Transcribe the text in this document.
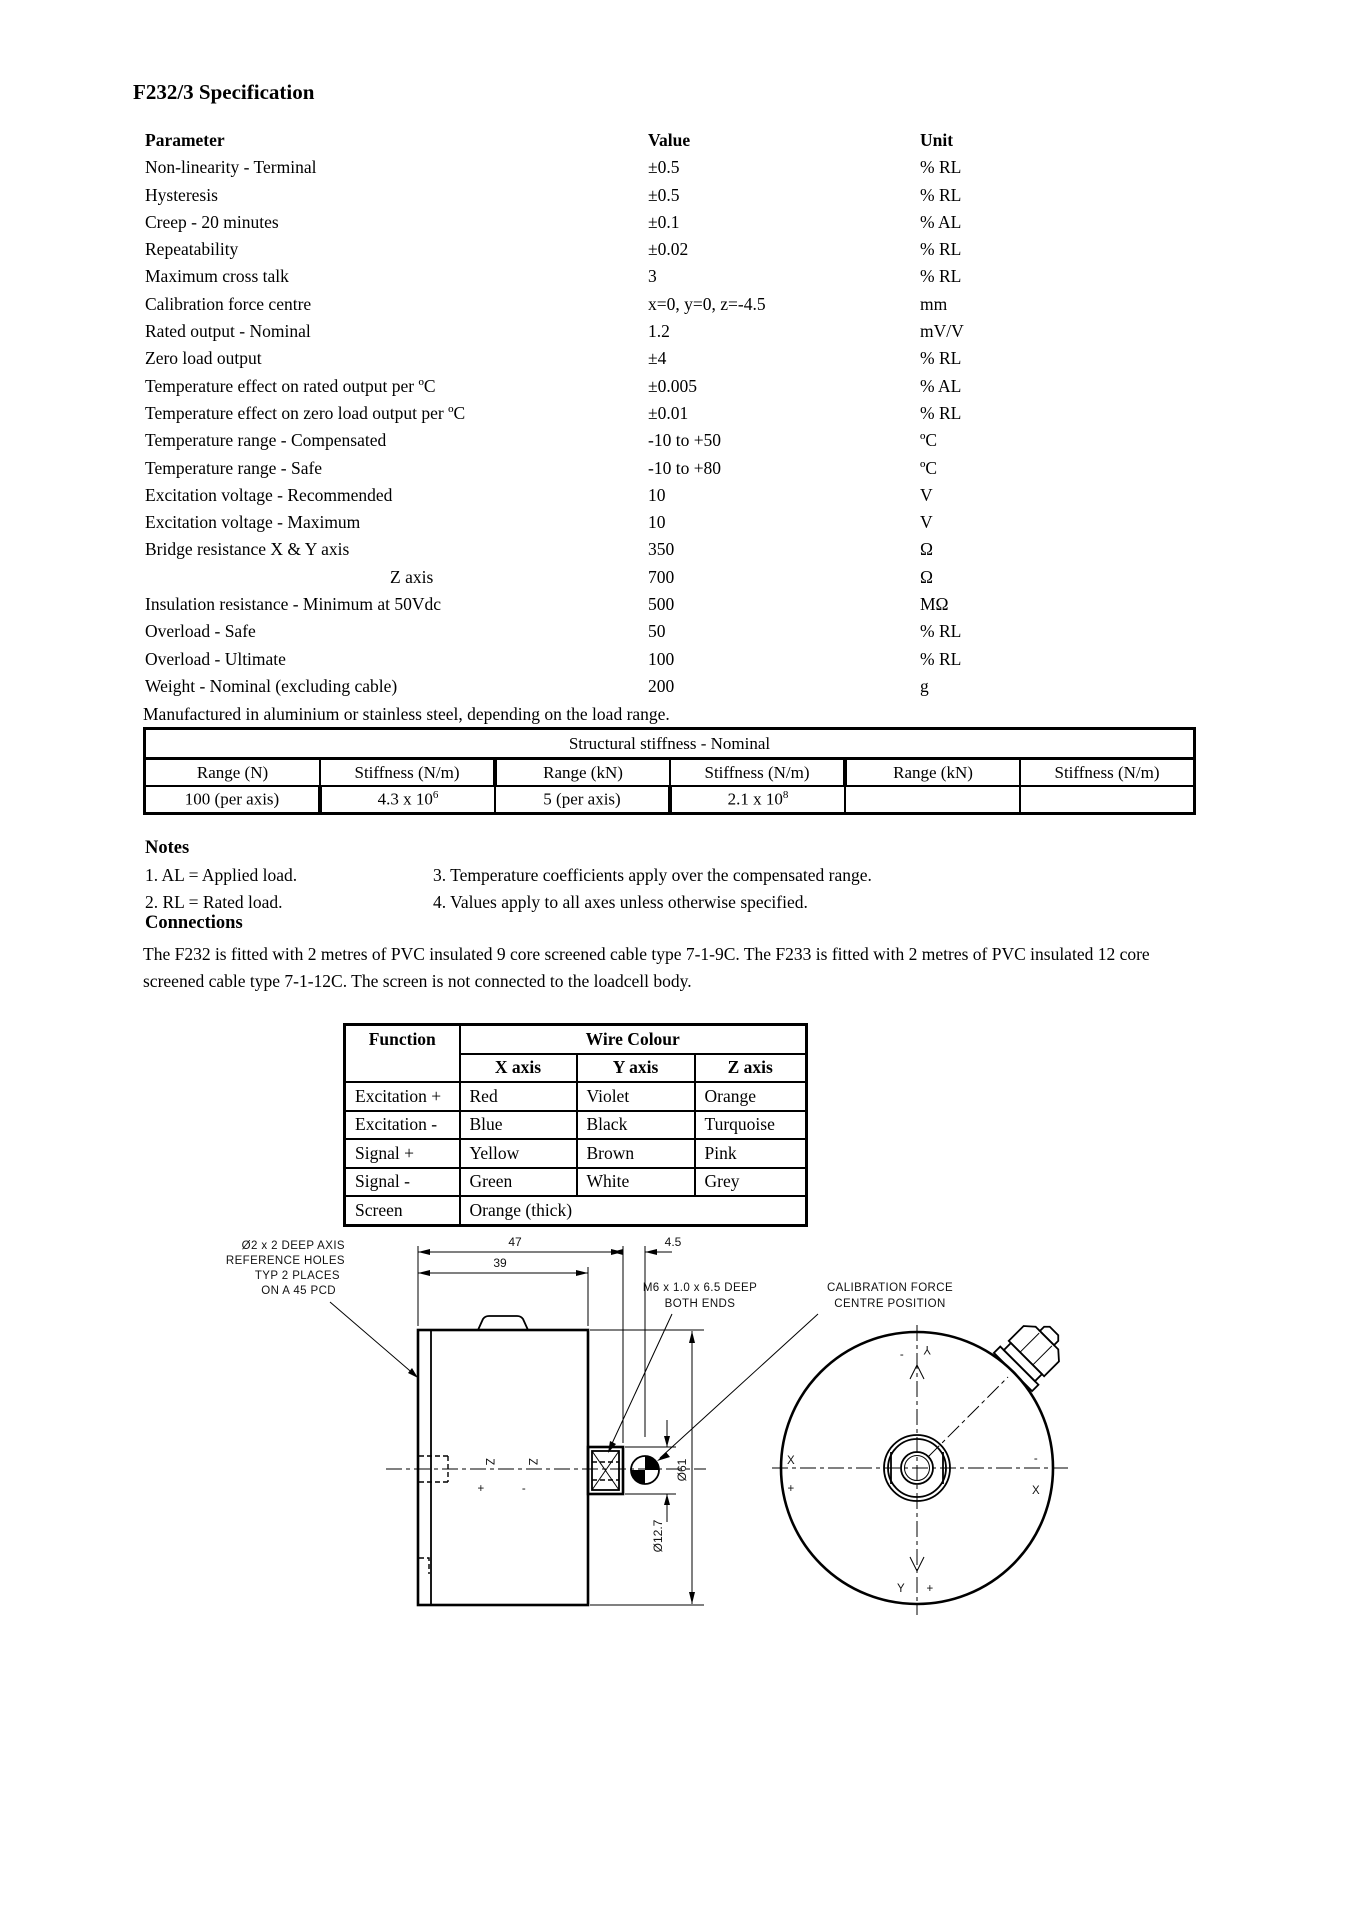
F232/3 Specification
Parameter	Value	Unit
Non-linearity - Terminal	±0.5	% RL
Hysteresis	±0.5	% RL
Creep - 20 minutes	±0.1	% AL
Repeatability	±0.02	% RL
Maximum cross talk	3	% RL
Calibration force centre	x=0, y=0, z=-4.5	mm
Rated output - Nominal	1.2	mV/V
Zero load output	±4	% RL
Temperature effect on rated output per ºC	±0.005	% AL
Temperature effect on zero load output per ºC	±0.01	% RL
Temperature range - Compensated	-10 to +50	ºC
Temperature range - Safe	-10 to +80	ºC
Excitation voltage - Recommended	10	V
Excitation voltage - Maximum	10	V
Bridge resistance X & Y axis	350	Ω
Z axis	700	Ω
Insulation resistance - Minimum at 50Vdc	500	MΩ
Overload - Safe	50	% RL
Overload - Ultimate	100	% RL
Weight - Nominal (excluding cable)	200	g
Manufactured in aluminium or stainless steel, depending on the load range.
Structural stiffness - Nominal					
Range (N)	Stiffness (N/m)	Range (kN)	Stiffness (N/m)	Range (kN)	Stiffness (N/m)
100 (per axis)	4.3 x $10^6$	5 (per axis)	2.1 x $10^8$		
Notes
1. AL = Applied load.
2. RL = Rated load.
3. Temperature coefficients apply over the compensated range.
4. Values apply to all axes unless otherwise specified.
Connections
The F232 is fitted with 2 metres of PVC insulated 9 core screened cable type 7-1-9C. The F233 is fitted with 2 metres of PVC insulated 12 core screened cable type 7-1-12C. The screen is not connected to the loadcell body.
Function	Wire Colour		
	X axis	Y axis	Z axis
Excitation +	Red	Violet	Orange
Excitation -	Blue	Black	Turquoise
Signal +	Yellow	Brown	Pink
Signal -	Green	White	Grey
Screen	Orange (thick)		
Z
+
Z
-
47
39
4.5
Ø2 x 2 DEEP AXIS
REFERENCE HOLES
TYP 2 PLACES
ON A 45 PCD	M6 x 1.0 x 6.5 DEEP
BOTH ENDS
CALIBRATION FORCE
CENTRE POSITION
Ø61
Ø12.7
- Y
Y +
X
+
-
X
